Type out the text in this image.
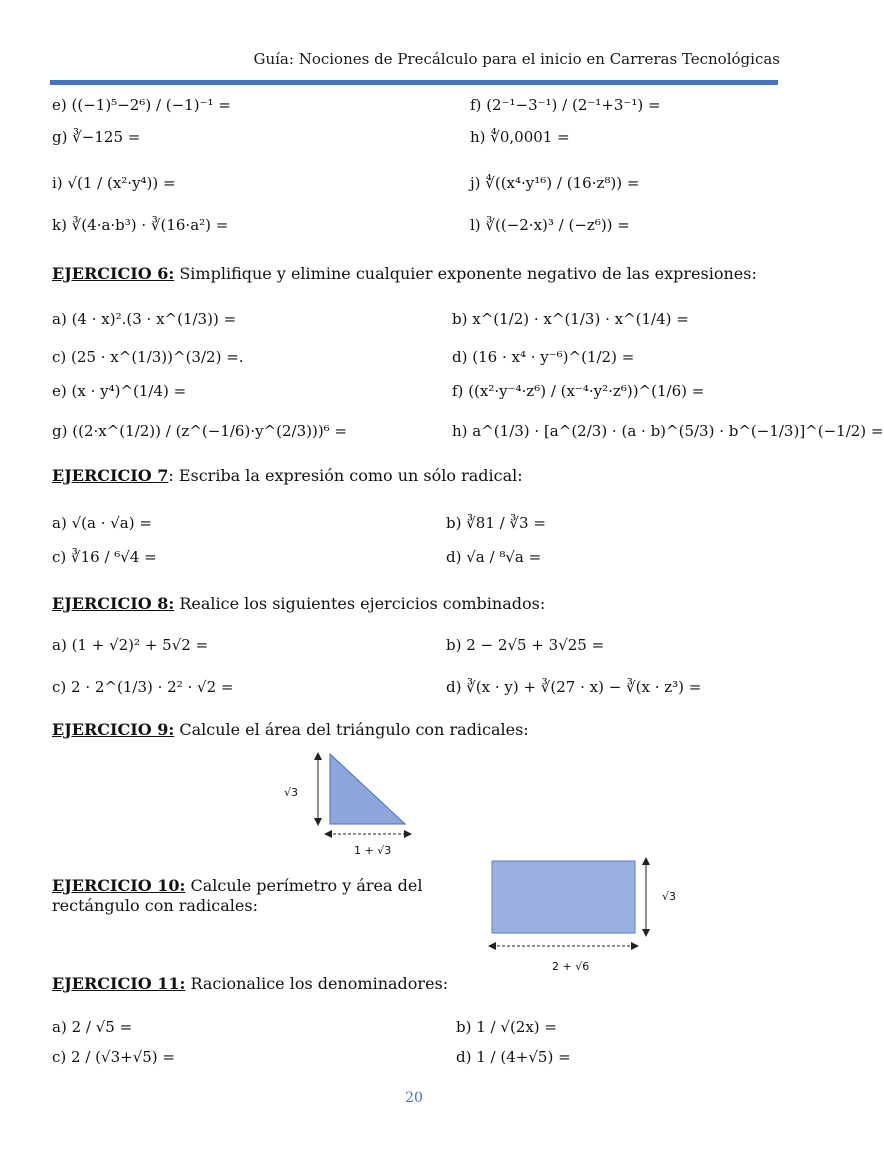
Guía: Nociones de Precálculo para el inicio en Carreras Tecnológicas
e) ((−1)⁵−2⁶) / (−1)⁻¹ =	f) (2⁻¹−3⁻¹) / (2⁻¹+3⁻¹) =
g) ∛−125 =	h) ∜0,0001 =
i) √(1 / (x²·y⁴)) =	j) ∜((x⁴·y¹⁶) / (16·z⁸)) =
k) ∛(4·a·b³) · ∛(16·a²) =	l) ∛((−2·x)³ / (−z⁶)) =
EJERCICIO 6: Simplifique y elimine cualquier exponente negativo de las expresiones:
a) (4 · x)².(3 · x^(1/3)) =	b) x^(1/2) · x^(1/3) · x^(1/4) =
c) (25 · x^(1/3))^(3/2) =.	d) (16 · x⁴ · y⁻⁶)^(1/2) =
e) (x · y⁴)^(1/4) =	f) ((x²·y⁻⁴·z⁶) / (x⁻⁴·y²·z⁶))^(1/6) =
g) ((2·x^(1/2)) / (z^(−1/6)·y^(2/3)))⁶ =	h) a^(1/3) · [a^(2/3) · (a · b)^(5/3) · b^(−1/3)]^(−1/2) =
EJERCICIO 7: Escriba la expresión como un sólo radical:
a) √(a · √a) =	b) ∛81 / ∛3 =
c) ∛16 / ⁶√4 =	d) √a / ⁸√a =
EJERCICIO 8: Realice los siguientes ejercicios combinados:
a) (1 + √2)² + 5√2 =	b) 2 − 2√5 + 3√25 =
c) 2 · 2^(1/3) · 2² · √2 =	d) ∛(x · y) + ∛(27 · x) − ∛(x · z³) =
EJERCICIO 9: Calcule el área del triángulo con radicales:
√3
1 + √3
EJERCICIO 10: Calcule perímetro y área del
rectángulo con radicales:	√3
2 + √6
EJERCICIO 11: Racionalice los denominadores:
a) 2 / √5 =	b) 1 / √(2x) =
c) 2 / (√3+√5) =	d) 1 / (4+√5) =
20
